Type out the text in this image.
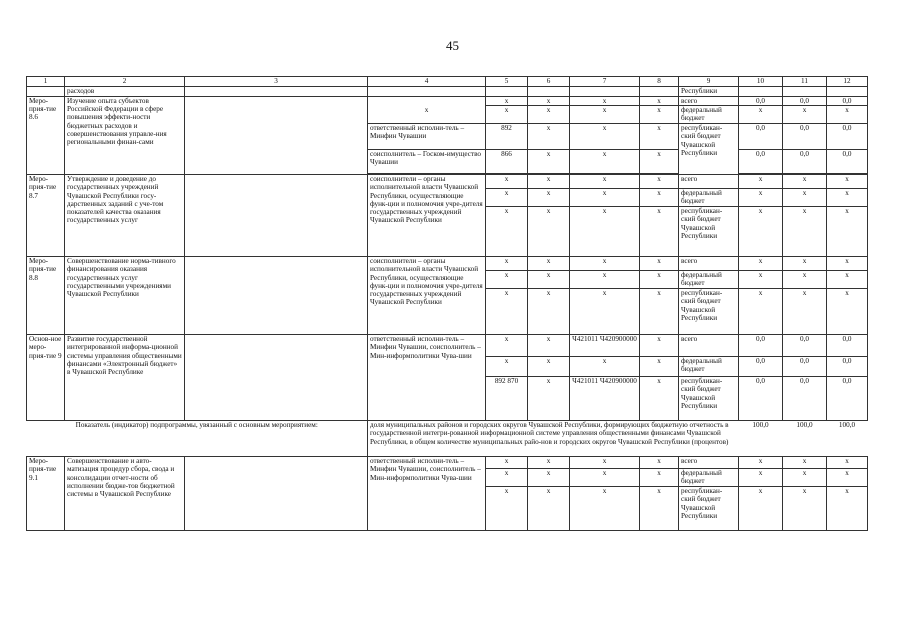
45
1	2	3	4	5	6	7	8	9	10	11	12
	расходов							Республики			
Меро-прия-тие 8.6	Изучение опыта субъектов Российской Федерации в сфере повышения эффекти-ности бюджетных расходов и совершенствования управле-ния региональными финан-сами		x	x	x	x	x	всего	0,0	0,0	0,0
				x	x	x	x	федеральный бюджет	x	x	x
			ответственный исполни-тель – Минфин Чувашии	892	x	x	x	республикан-ский бюджет Чувашской Республики	0,0	0,0	0,0
			соисполнитель – Госком-имущество Чувашии	866	x	x	x		0,0	0,0	0,0

Меро-прия-тие 8.7	Утверждение и доведение до государственных учреждений Чувашской Республики госу-дарственных заданий с уче-том показателей качества оказания государственных услуг		соисполнители – органы исполнительной власти Чувашской Республики, осуществляющие функ-ции и полномочия учре-дителя государственных учреждений Чувашской Республики	x	x	x	x	всего	x	x	x
				x	x	x	x	федеральный бюджет	x	x	x
				x	x	x	x	республикан-ский бюджет Чувашской Республики	x	x	x
Меро-прия-тие 8.8	Совершенствование норма-тивного финансирования оказания государственных услуг государственными учреждениями Чувашской Республики		соисполнители – органы исполнительной власти Чувашской Республики, осуществляющие функ-ции и полномочия учре-дителя государственных учреждений Чувашской Республики	x	x	x	x	всего	x	x	x
				x	x	x	x	федеральный бюджет	x	x	x
				x	x	x	x	республикан-ский бюджет Чувашской Республики	x	x	x
Основ-ное меро-прия-тие 9	Развитие государственной интегрированной информа-ционной системы управления общественными финансами «Электронный бюджет» в Чувашской Республике		ответственный исполни-тель – Минфин Чувашии, соисполнитель – Мин-информполитики Чува-шии	x	x	Ч421011 Ч420900000	x	всего	0,0	0,0	0,0
				x	x	x	x	федеральный бюджет	0,0	0,0	0,0
				892 870	x	Ч421011 Ч420900000	x	республикан-ский бюджет Чувашской Республики	0,0	0,0	0,0
Показатель (индикатор) подпрограммы, увязанный с основным мероприятием:			доля муниципальных районов и городских округов Чувашской Республики, формирующих бюджетную отчетность в государственной интегри-рованной информационной системе управления общественными финансами Чувашской Республики, в общем количестве муниципальных райо-нов и городских округов Чувашской Республики (процентов)						100,0	100,0	100,0
Меро-прия-тие 9.1	Совершенствование и авто-матизация процедур сбора, свода и консолидации отчет-ности об исполнении бюдже-тов бюджетной системы в Чувашской Республике		ответственный исполни-тель – Минфин Чувашии, соисполнитель – Мин-информполитики Чува-шии	x	x	x	x	всего	x	x	x
				x	x	x	x	федеральный бюджет	x	x	x
				x	x	x	x	республикан-ский бюджет Чувашской Республики	x	x	x
